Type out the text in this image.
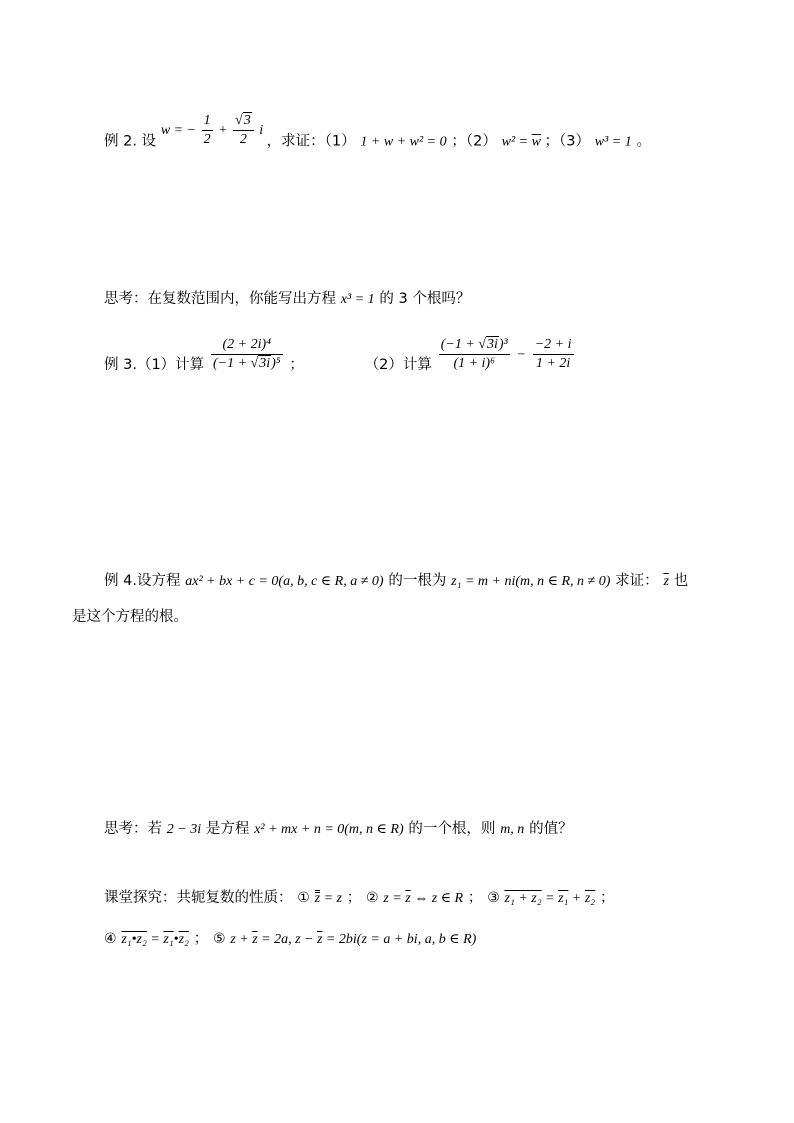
例 2. 设 w = − $\frac{1}{2} + \frac{√3}{2}$ i ，求证：（1） 1 + w + w² = 0 ；（2） $w^2 = \overline{w}$ ；（3） w³ = 1 。
思考：在复数范围内，你能写出方程 x³ = 1 的 3 个根吗？
例 3.（1）计算 $\frac{\text{(2 + 2i)⁴}}{\text{(−1 + √3i)⁵}}$ ；	（2）计算 $\frac{\text{(−1 + √3i)³}}{\text{(1 + i)⁶}} - \frac{-2 + i}{1 + 2i}$
例 4.设方程 ax² + bx + c = 0(a, b, c ∈ R, a ≠ 0) 的一根为 z₁ = m + ni(m, n ∈ R, n ≠ 0) 求证： $\overline{z}$ 也
是这个方程的根。
思考：若 2 − 3i 是方程 x² + mx + n = 0(m, n ∈ R) 的一个根，则 m, n 的值？
课堂探究：共轭复数的性质： ① z = z ； ② $z = \overline{z}$ ⇔ z ∈ R ； ③ z₁ + z₂ = z₁ + z₂ ；
④ z₁•z₂ = z₁•z₂ ； ⑤ $z + \overline{z} = 2a$, $z - \overline{z} = 2bi(z = a$ + bi, a, b ∈ R)
